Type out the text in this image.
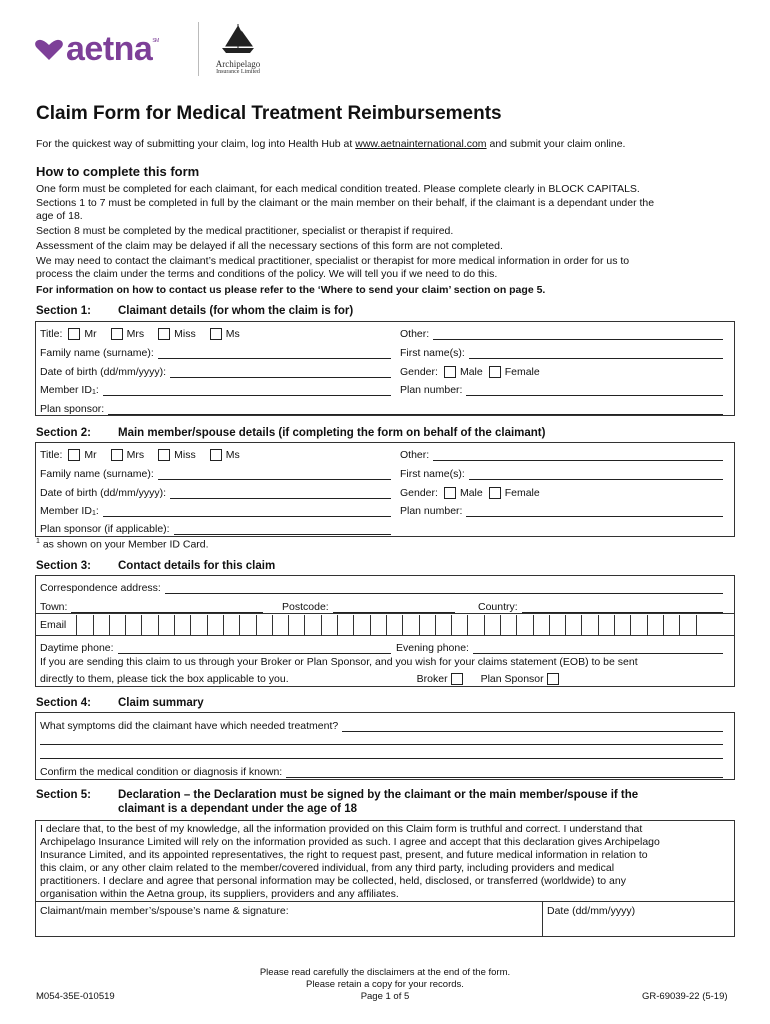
aetna SM
Archipelago
Insurance Limited
Claim Form for Medical Treatment Reimbursements

For the quickest way of submitting your claim, log into Health Hub at www.aetnainternational.com and submit your claim online.

How to complete this form

One form must be completed for each claimant, for each medical condition treated. Please complete clearly in BLOCK CAPITALS.

Sections 1 to 7 must be completed in full by the claimant or the main member on their behalf, if the claimant is a dependant under the

age of 18.

Section 8 must be completed by the medical practitioner, specialist or therapist if required.

Assessment of the claim may be delayed if all the necessary sections of this form are not completed.

We may need to contact the claimant’s medical practitioner, specialist or therapist for more medical information in order for us to

process the claim under the terms and conditions of the policy. We will tell you if we need to do this.

For information on how to contact us please refer to the ‘Where to send your claim’ section on page 5.

Section 1: Claimant details (for whom the claim is for)
Title: Mr	Mrs	Miss	Ms	Other:
Family name (surname):	First name(s):
Date of birth (dd/mm/yyyy):	Gender: Male Female
Member $ID_1$ :	Plan number:
Plan sponsor:
Section 2: Main member/spouse details (if completing the form on behalf of the claimant)
Title: Mr	Mrs	Miss	Ms	Other:
Family name (surname):	First name(s):
Date of birth (dd/mm/yyyy):	Gender: Male Female
Member $ID_1$ :	Plan number:
Plan sponsor (if applicable):
$^1$ as shown on your Member ID Card.
Section 3: Contact details for this claim
Correspondence address:
Town:	Postcode:	Country:
Email
Daytime phone:	Evening phone:

If you are sending this claim to us through your Broker or Plan Sponsor, and you wish for your claims statement (EOB) to be sent

directly to them, please tick the box applicable to you.	Broker	Plan Sponsor
Section 4: Claim summary
What symptoms did the claimant have which needed treatment?
Confirm the medical condition or diagnosis if known:
Section 5: Declaration – the Declaration must be signed by the claimant or the main member/spouse if the
claimant is a dependant under the age of 18

I declare that, to the best of my knowledge, all the information provided on this Claim form is truthful and correct. I understand that

Archipelago Insurance Limited will rely on the information provided as such. I agree and accept that this declaration gives Archipelago

Insurance Limited, and its appointed representatives, the right to request past, present, and future medical information in relation to

this claim, or any other claim related to the member/covered individual, from any third party, including providers and medical

practitioners. I declare and agree that personal information may be collected, held, disclosed, or transferred (worldwide) to any

organisation within the Aetna group, its suppliers, providers and any affiliates.

Claimant/main member’s/spouse’s name & signature:	Date (dd/mm/yyyy)
Please read carefully the disclaimers at the end of the form.
Please retain a copy for your records.
Page 1 of 5
M054-35E-010519	GR-69039-22 (5-19)
